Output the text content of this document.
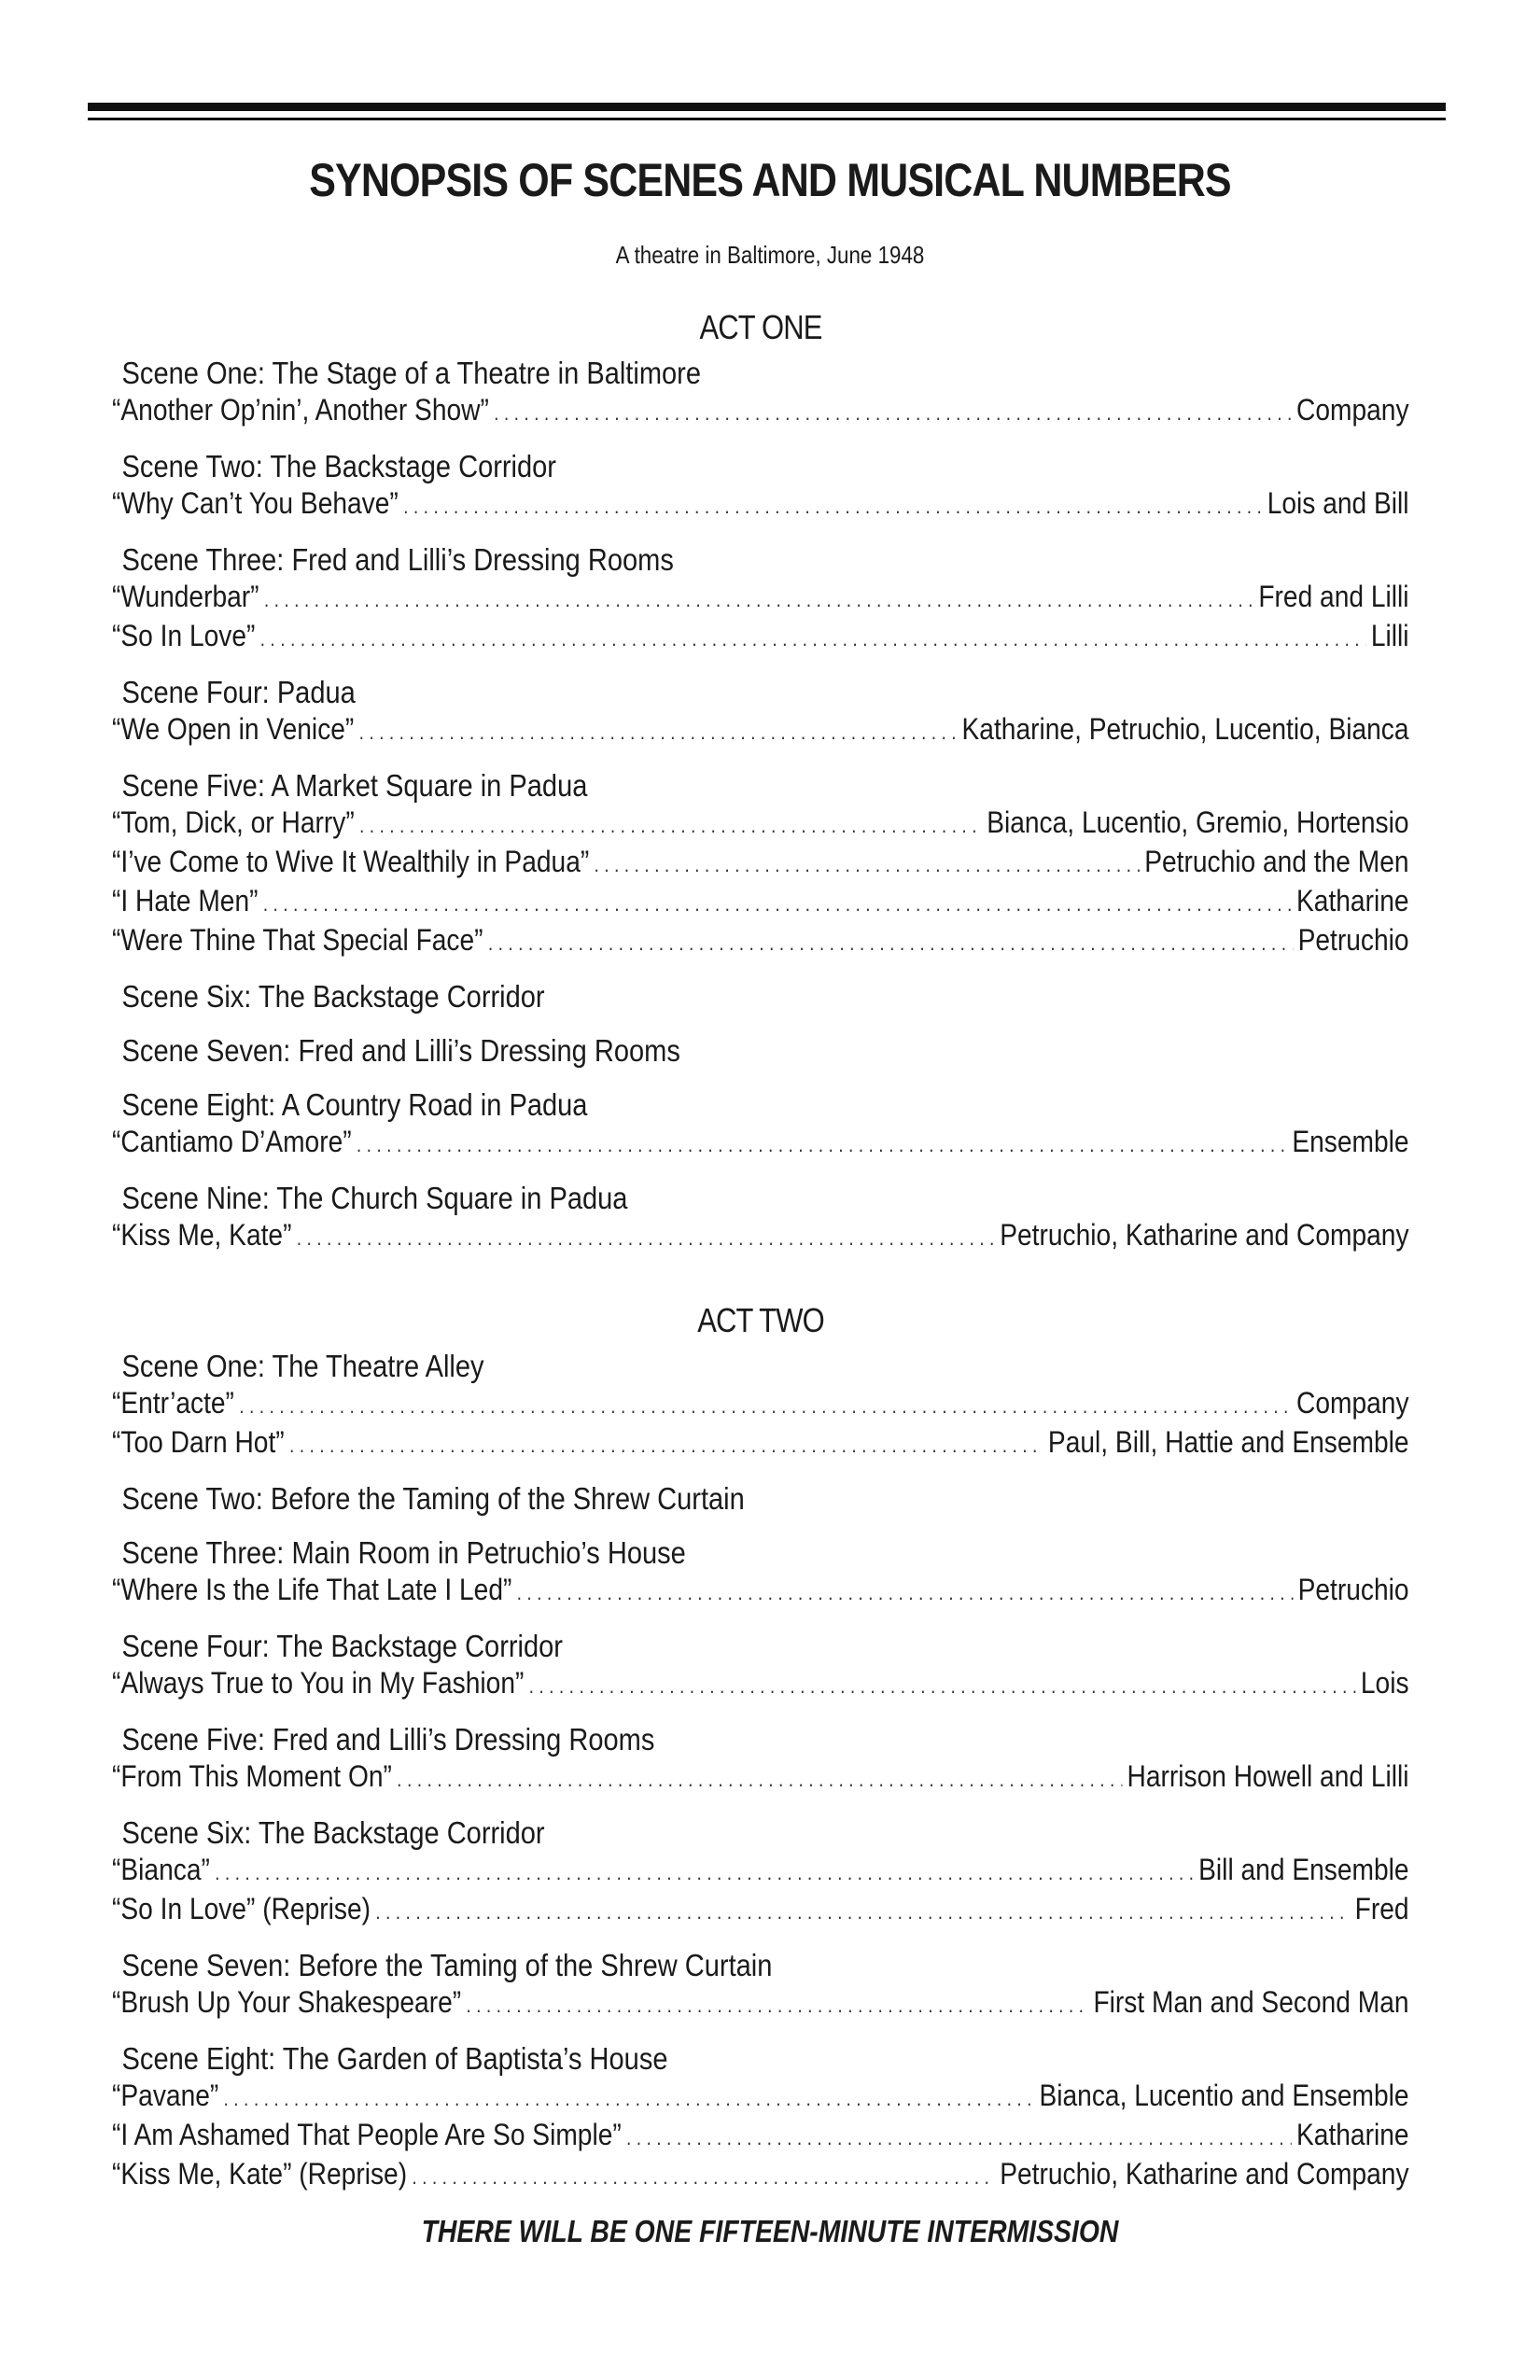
SYNOPSIS OF SCENES AND MUSICAL NUMBERS
A theatre in Baltimore, June 1948
ACT ONE
Scene One: The Stage of a Theatre in Baltimore
“Another Op’nin’, Another Show” . . .	Company
Scene Two: The Backstage Corridor
“Why Can’t You Behave” . . .	Lois and Bill
Scene Three: Fred and Lilli’s Dressing Rooms
“Wunderbar” . . .	Fred and Lilli
“So In Love” . . .	Lilli
Scene Four: Padua
“We Open in Venice” . . .	Katharine, Petruchio, Lucentio, Bianca
Scene Five: A Market Square in Padua
“Tom, Dick, or Harry” . . .	Bianca, Lucentio, Gremio, Hortensio
“I’ve Come to Wive It Wealthily in Padua” . . .	Petruchio and the Men
“I Hate Men” . . .	Katharine
“Were Thine That Special Face” . . .	Petruchio
Scene Six: The Backstage Corridor
Scene Seven: Fred and Lilli’s Dressing Rooms
Scene Eight: A Country Road in Padua
“Cantiamo D’Amore” . . .	Ensemble
Scene Nine: The Church Square in Padua
“Kiss Me, Kate” . . .	Petruchio, Katharine and Company
ACT TWO
Scene One: The Theatre Alley
“Entr’acte” . . .	Company
“Too Darn Hot” . . .	Paul, Bill, Hattie and Ensemble
Scene Two: Before the Taming of the Shrew Curtain
Scene Three: Main Room in Petruchio’s House
“Where Is the Life That Late I Led” . . .	Petruchio
Scene Four: The Backstage Corridor
“Always True to You in My Fashion” . . .	Lois
Scene Five: Fred and Lilli’s Dressing Rooms
“From This Moment On” . . .	Harrison Howell and Lilli
Scene Six: The Backstage Corridor
“Bianca” . . .	Bill and Ensemble
“So In Love” (Reprise) . . .	Fred
Scene Seven: Before the Taming of the Shrew Curtain
“Brush Up Your Shakespeare” . . .	First Man and Second Man
Scene Eight: The Garden of Baptista’s House
“Pavane” . . .	Bianca, Lucentio and Ensemble
“I Am Ashamed That People Are So Simple” . . .	Katharine
“Kiss Me, Kate” (Reprise) . . .	Petruchio, Katharine and Company
THERE WILL BE ONE FIFTEEN-MINUTE INTERMISSION
